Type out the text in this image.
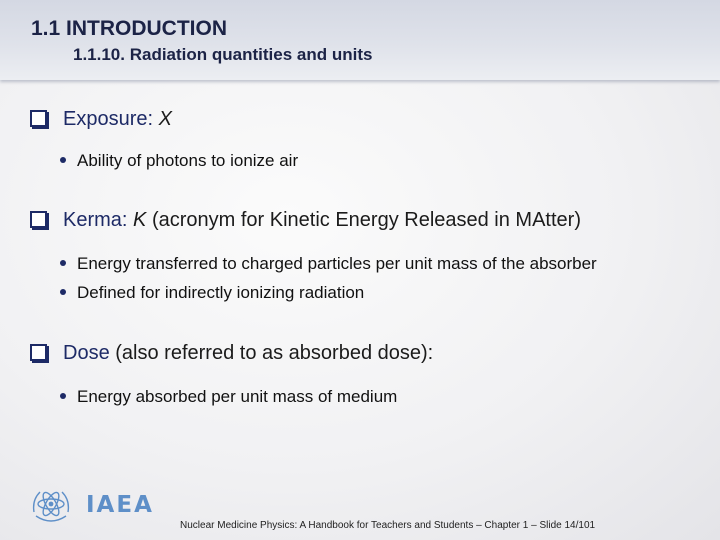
1.1 INTRODUCTION
1.1.10. Radiation quantities and units
Exposure: X
Ability of photons to ionize air
Kerma: K (acronym for Kinetic Energy Released in MAtter)
Energy transferred to charged particles per unit mass of the absorber
Defined for indirectly ionizing radiation
Dose (also referred to as absorbed dose):
Energy absorbed per unit mass of medium
IAEA
Nuclear Medicine Physics: A Handbook for Teachers and Students – Chapter 1 – Slide 14/101
